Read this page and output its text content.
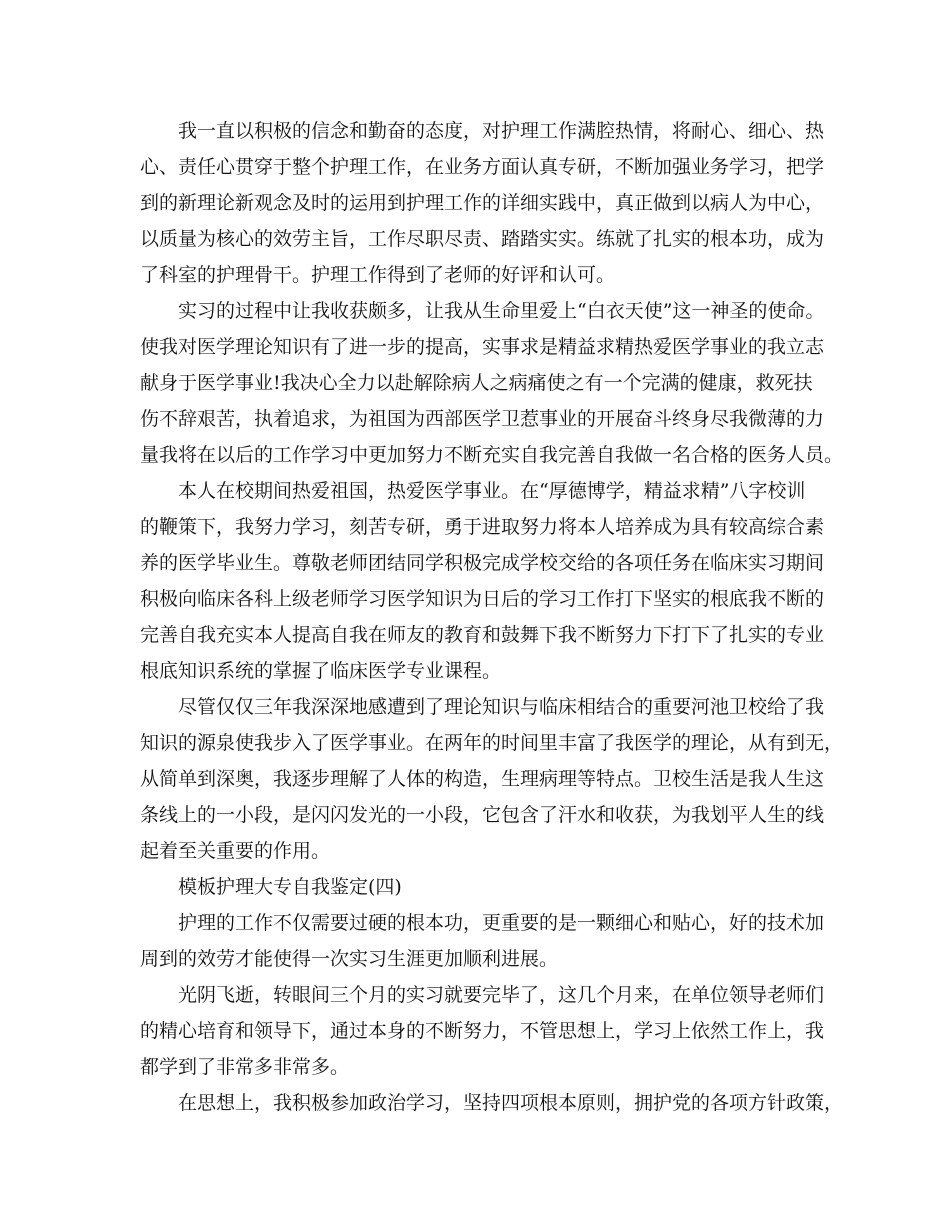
我一直以积极的信念和勤奋的态度，对护理工作满腔热情，将耐心、细心、热
心、责任心贯穿于整个护理工作，在业务方面认真专研，不断加强业务学习，把学
到的新理论新观念及时的运用到护理工作的详细实践中，真正做到以病人为中心，
以质量为核心的效劳主旨，工作尽职尽责、踏踏实实。练就了扎实的根本功，成为
了科室的护理骨干。护理工作得到了老师的好评和认可。
实习的过程中让我收获颇多，让我从生命里爱上“白衣天使”这一神圣的使命。
使我对医学理论知识有了进一步的提高，实事求是精益求精热爱医学事业的我立志
献身于医学事业!我决心全力以赴解除病人之病痛使之有一个完满的健康，救死扶
伤不辞艰苦，执着追求，为祖国为西部医学卫惹事业的开展奋斗终身尽我微薄的力
量我将在以后的工作学习中更加努力不断充实自我完善自我做一名合格的医务人员。
本人在校期间热爱祖国，热爱医学事业。在“厚德博学，精益求精”八字校训
的鞭策下，我努力学习，刻苦专研，勇于进取努力将本人培养成为具有较高综合素
养的医学毕业生。尊敬老师团结同学积极完成学校交给的各项任务在临床实习期间
积极向临床各科上级老师学习医学知识为日后的学习工作打下坚实的根底我不断的
完善自我充实本人提高自我在师友的教育和鼓舞下我不断努力下打下了扎实的专业
根底知识系统的掌握了临床医学专业课程。
尽管仅仅三年我深深地感遭到了理论知识与临床相结合的重要河池卫校给了我
知识的源泉使我步入了医学事业。在两年的时间里丰富了我医学的理论，从有到无，
从简单到深奥，我逐步理解了人体的构造，生理病理等特点。卫校生活是我人生这
条线上的一小段，是闪闪发光的一小段，它包含了汗水和收获，为我划平人生的线
起着至关重要的作用。
模板护理大专自我鉴定(四)
护理的工作不仅需要过硬的根本功，更重要的是一颗细心和贴心，好的技术加
周到的效劳才能使得一次实习生涯更加顺利进展。
光阴飞逝，转眼间三个月的实习就要完毕了，这几个月来，在单位领导老师们
的精心培育和领导下，通过本身的不断努力，不管思想上，学习上依然工作上，我
都学到了非常多非常多。
在思想上，我积极参加政治学习，坚持四项根本原则，拥护党的各项方针政策，
